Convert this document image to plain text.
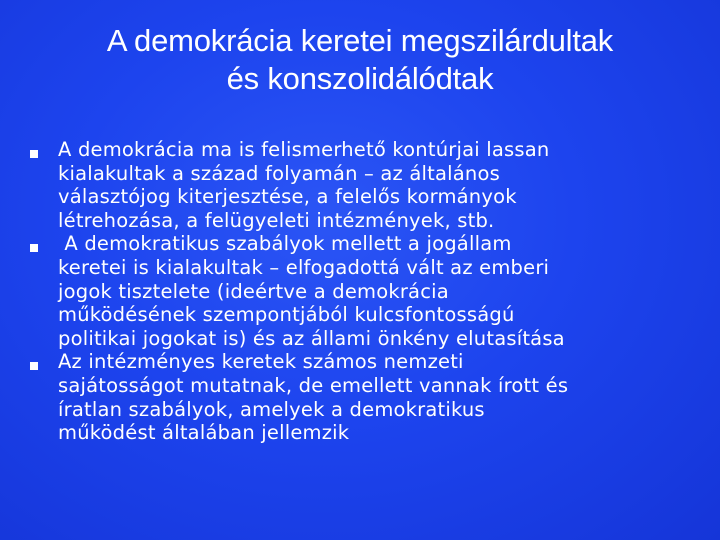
A demokrácia keretei megszilárdultak
és konszolidálódtak
A demokrácia ma is felismerhető kontúrjai lassan
kialakultak a század folyamán – az általános
választójog kiterjesztése, a felelős kormányok
létrehozása, a felügyeleti intézmények, stb.
A demokratikus szabályok mellett a jogállam
keretei is kialakultak – elfogadottá vált az emberi
jogok tisztelete (ideértve a demokrácia
működésének szempontjából kulcsfontosságú
politikai jogokat is) és az állami önkény elutasítása
Az intézményes keretek számos nemzeti
sajátosságot mutatnak, de emellett vannak írott és
íratlan szabályok, amelyek a demokratikus
működést általában jellemzik
